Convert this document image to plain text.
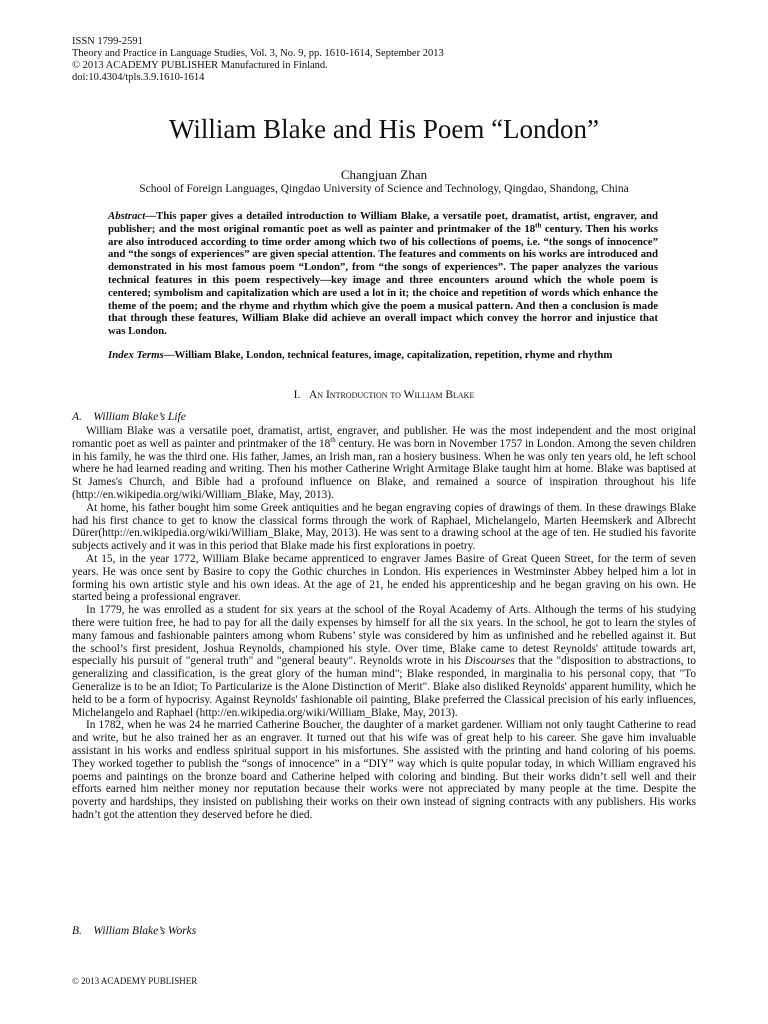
ISSN 1799-2591
Theory and Practice in Language Studies, Vol. 3, No. 9, pp. 1610-1614, September 2013
© 2013 ACADEMY PUBLISHER Manufactured in Finland.
doi:10.4304/tpls.3.9.1610-1614
William Blake and His Poem “London”
Changjuan Zhan
School of Foreign Languages, Qingdao University of Science and Technology, Qingdao, Shandong, China
Abstract—This paper gives a detailed introduction to William Blake, a versatile poet, dramatist, artist, engraver, and publisher; and the most original romantic poet as well as painter and printmaker of the 18th century. Then his works are also introduced according to time order among which two of his collections of poems, i.e. “the songs of innocence” and “the songs of experiences” are given special attention. The features and comments on his works are introduced and demonstrated in his most famous poem “London”, from “the songs of experiences”. The paper analyzes the various technical features in this poem respectively—key image and three encounters around which the whole poem is centered; symbolism and capitalization which are used a lot in it; the choice and repetition of words which enhance the theme of the poem; and the rhyme and rhythm which give the poem a musical pattern. And then a conclusion is made that through these features, William Blake did achieve an overall impact which convey the horror and injustice that was London.
Index Terms—William Blake, London, technical features, image, capitalization, repetition, rhyme and rhythm
I. An Introduction to William Blake
A. William Blake’s Life

William Blake was a versatile poet, dramatist, artist, engraver, and publisher. He was the most independent and the most original romantic poet as well as painter and printmaker of the 18th century. He was born in November 1757 in London. Among the seven children in his family, he was the third one. His father, James, an Irish man, ran a hosiery business. When he was only ten years old, he left school where he had learned reading and writing. Then his mother Catherine Wright Armitage Blake taught him at home. Blake was baptised at St James's Church, and Bible had a profound influence on Blake, and remained a source of inspiration throughout his life (http://en.wikipedia.org/wiki/William_Blake, May, 2013).

At home, his father bought him some Greek antiquities and he began engraving copies of drawings of them. In these drawings Blake had his first chance to get to know the classical forms through the work of Raphael, Michelangelo, Marten Heemskerk and Albrecht Dürer(http://en.wikipedia.org/wiki/William_Blake, May, 2013). He was sent to a drawing school at the age of ten. He studied his favorite subjects actively and it was in this period that Blake made his first explorations in poetry.

At 15, in the year 1772, William Blake became apprenticed to engraver James Basire of Great Queen Street, for the term of seven years. He was once sent by Basire to copy the Gothic churches in London. His experiences in Westminster Abbey helped him a lot in forming his own artistic style and his own ideas. At the age of 21, he ended his apprenticeship and he began graving on his own. He started being a professional engraver.

In 1779, he was enrolled as a student for six years at the school of the Royal Academy of Arts. Although the terms of his studying there were tuition free, he had to pay for all the daily expenses by himself for all the six years. In the school, he got to learn the styles of many famous and fashionable painters among whom Rubens’ style was considered by him as unfinished and he rebelled against it. But the school’s first president, Joshua Reynolds, championed his style. Over time, Blake came to detest Reynolds' attitude towards art, especially his pursuit of "general truth" and "general beauty". Reynolds wrote in his Discourses that the "disposition to abstractions, to generalizing and classification, is the great glory of the human mind"; Blake responded, in marginalia to his personal copy, that "To Generalize is to be an Idiot; To Particularize is the Alone Distinction of Merit". Blake also disliked Reynolds' apparent humility, which he held to be a form of hypocrisy. Against Reynolds' fashionable oil painting, Blake preferred the Classical precision of his early influences, Michelangelo and Raphael (http://en.wikipedia.org/wiki/William_Blake, May, 2013).

In 1782, when he was 24 he married Catherine Boucher, the daughter of a market gardener. William not only taught Catherine to read and write, but he also trained her as an engraver. It turned out that his wife was of great help to his career. She gave him invaluable assistant in his works and endless spiritual support in his misfortunes. She assisted with the printing and hand coloring of his poems. They worked together to publish the “songs of innocence” in a “DIY” way which is quite popular today, in which William engraved his poems and paintings on the bronze board and Catherine helped with coloring and binding. But their works didn’t sell well and their efforts earned him neither money nor reputation because their works were not appreciated by many people at the time. Despite the poverty and hardships, they insisted on publishing their works on their own instead of signing contracts with any publishers. His works hadn’t got the attention they deserved before he died.

B. William Blake’s Works
© 2013 ACADEMY PUBLISHER
